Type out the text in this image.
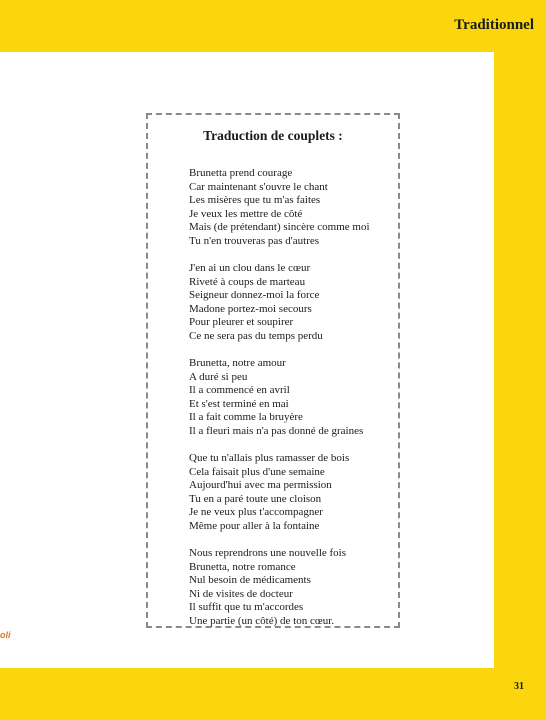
Traditionnel
31
oli
Traduction de couplets :
Brunetta prend courage
Car maintenant s'ouvre le chant
Les misères que tu m'as faites
Je veux les mettre de côté
Mais (de prétendant) sincère comme moi
Tu n'en trouveras pas d'autres
J'en ai un clou dans le cœur
Riveté à coups de marteau
Seigneur donnez-moi la force
Madone portez-moi secours
Pour pleurer et soupirer
Ce ne sera pas du temps perdu
Brunetta, notre amour
A duré si peu
Il a commencé en avril
Et s'est terminé en mai
Il a fait comme la bruyère
Il a fleuri mais n'a pas donné de graines
Que tu n'allais plus ramasser de bois
Cela faisait plus d'une semaine
Aujourd'hui avec ma permission
Tu en a paré toute une cloison
Je ne veux plus t'accompagner
Même pour aller à la fontaine
Nous reprendrons une nouvelle fois
Brunetta, notre romance
Nul besoin de médicaments
Ni de visites de docteur
Il suffit que tu m'accordes
Une partie (un côté) de ton cœur.
